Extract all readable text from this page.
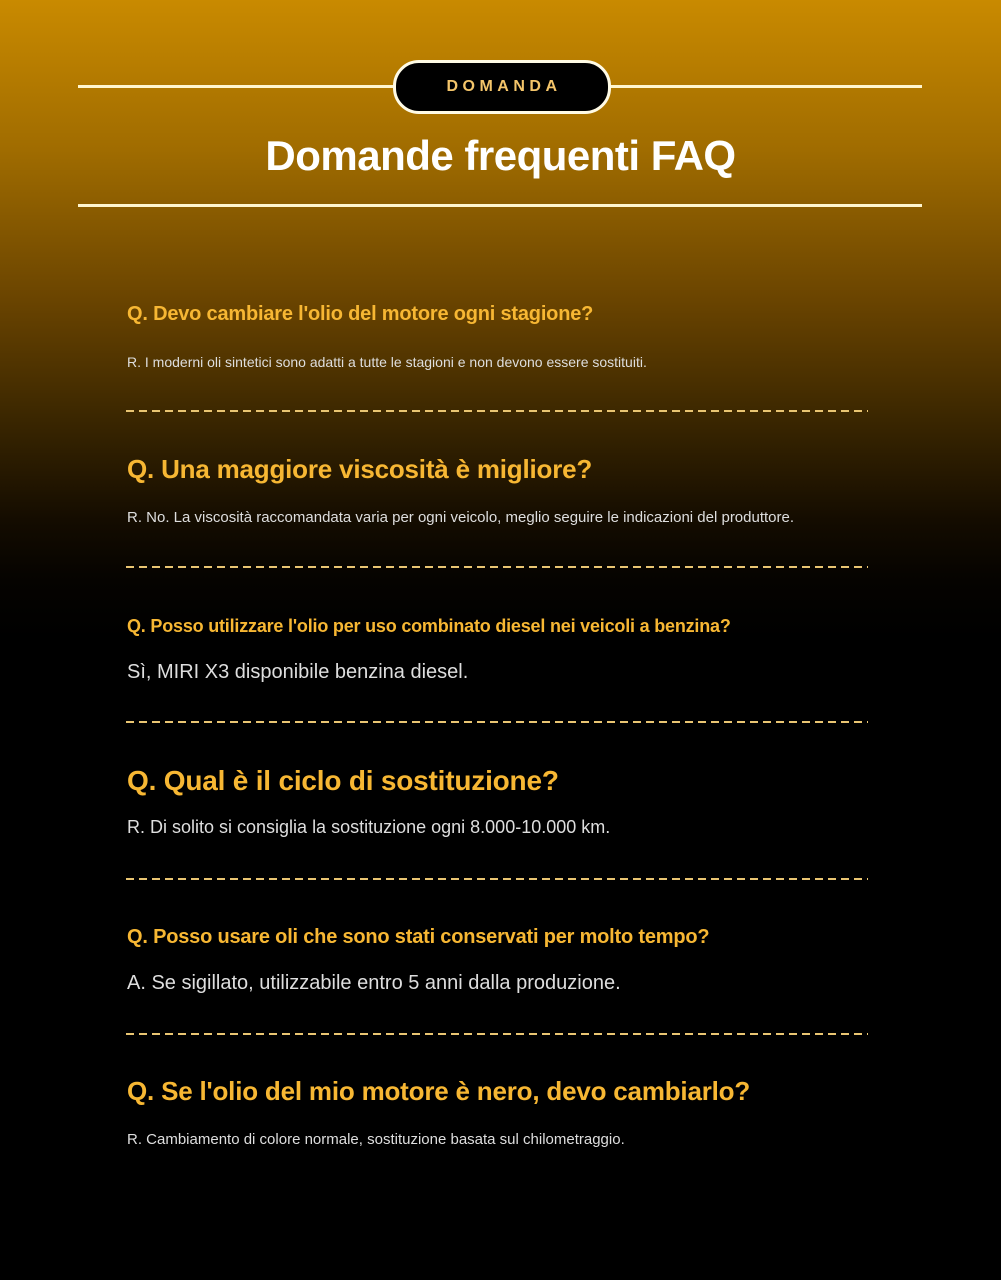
DOMANDA
Domande frequenti FAQ
Q. Devo cambiare l'olio del motore ogni stagione?
R. I moderni oli sintetici sono adatti a tutte le stagioni e non devono essere sostituiti.
Q. Una maggiore viscosità è migliore?
R. No. La viscosità raccomandata varia per ogni veicolo, meglio seguire le indicazioni del produttore.
Q. Posso utilizzare l'olio per uso combinato diesel nei veicoli a benzina?
Sì, MIRI X3 disponibile benzina diesel.
Q. Qual è il ciclo di sostituzione?
R. Di solito si consiglia la sostituzione ogni 8.000-10.000 km.
Q. Posso usare oli che sono stati conservati per molto tempo?
A. Se sigillato, utilizzabile entro 5 anni dalla produzione.
Q. Se l'olio del mio motore è nero, devo cambiarlo?
R. Cambiamento di colore normale, sostituzione basata sul chilometraggio.
